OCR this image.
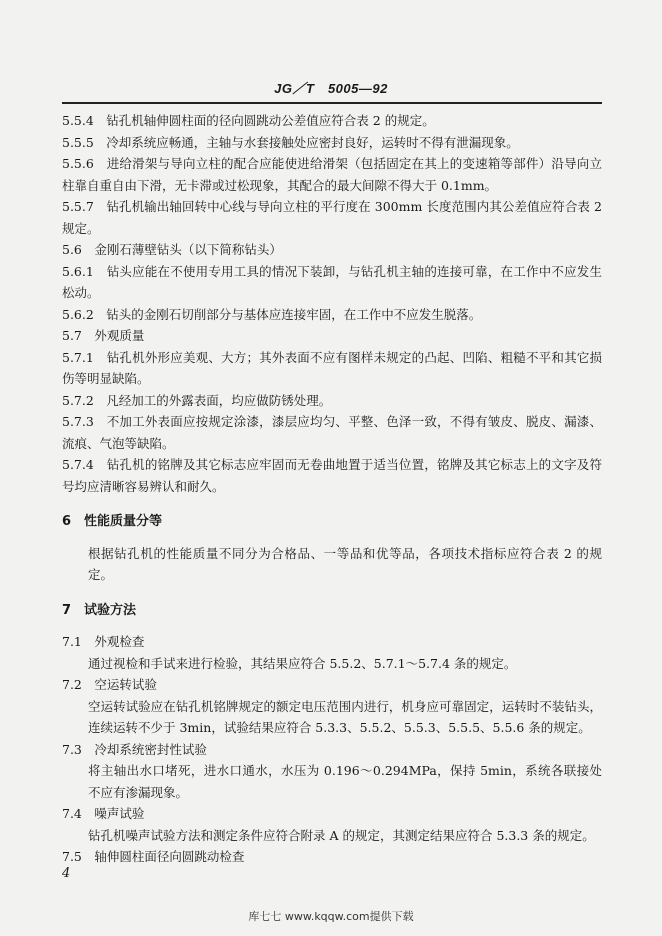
JG／T　5005—92

5.5.4　钻孔机轴伸圆柱面的径向圆跳动公差值应符合表 2 的规定。

5.5.5　冷却系统应畅通，主轴与水套接触处应密封良好，运转时不得有泄漏现象。

5.5.6　进给滑架与导向立柱的配合应能使进给滑架（包括固定在其上的变速箱等部件）沿导向立柱靠自重自由下滑，无卡滞或过松现象，其配合的最大间隙不得大于 0.1mm。

5.5.7　钻孔机输出轴回转中心线与导向立柱的平行度在 300mm 长度范围内其公差值应符合表 2 规定。

5.6　金刚石薄壁钻头（以下简称钻头）

5.6.1　钻头应能在不使用专用工具的情况下装卸，与钻孔机主轴的连接可靠，在工作中不应发生松动。

5.6.2　钻头的金刚石切削部分与基体应连接牢固，在工作中不应发生脱落。

5.7　外观质量

5.7.1　钻孔机外形应美观、大方；其外表面不应有图样未规定的凸起、凹陷、粗糙不平和其它损伤等明显缺陷。

5.7.2　凡经加工的外露表面，均应做防锈处理。

5.7.3　不加工外表面应按规定涂漆，漆层应均匀、平整、色泽一致，不得有皱皮、脱皮、漏漆、流痕、气泡等缺陷。

5.7.4　钻孔机的铭牌及其它标志应牢固而无卷曲地置于适当位置，铭牌及其它标志上的文字及符号均应清晰容易辨认和耐久。

6　性能质量分等

根据钻孔机的性能质量不同分为合格品、一等品和优等品，各项技术指标应符合表 2 的规定。

7　试验方法

7.1　外观检查

通过视检和手试来进行检验，其结果应符合 5.5.2、5.7.1～5.7.4 条的规定。

7.2　空运转试验

空运转试验应在钻孔机铭牌规定的额定电压范围内进行，机身应可靠固定，运转时不装钻头，连续运转不少于 3min，试验结果应符合 5.3.3、5.5.2、5.5.3、5.5.5、5.5.6 条的规定。

7.3　冷却系统密封性试验

将主轴出水口堵死，进水口通水，水压为 0.196～0.294MPa，保持 5min，系统各联接处不应有渗漏现象。

7.4　噪声试验

钻孔机噪声试验方法和测定条件应符合附录 A 的规定，其测定结果应符合 5.3.3 条的规定。

7.5　轴伸圆柱面径向圆跳动检查

4
库七七 www.kqqw.com提供下载
